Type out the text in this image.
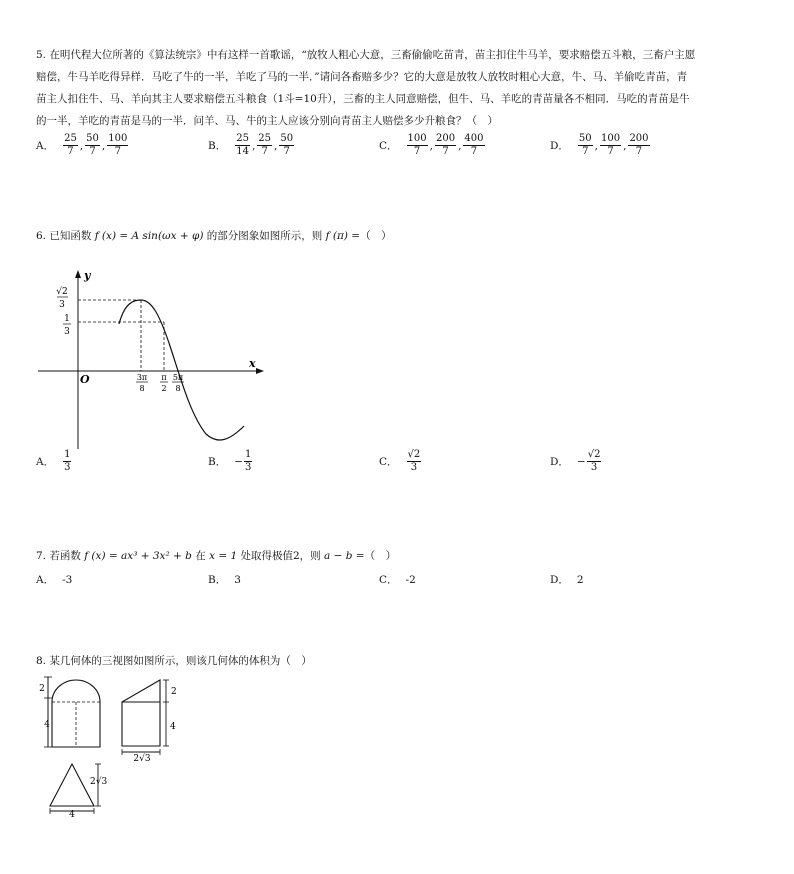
5. 在明代程大位所著的《算法统宗》中有这样一首歌谣，“放牧人粗心大意，三畜偷偷吃苗青，苗主扣住牛马羊，要求赔偿五斗粮，三畜户主愿
赔偿，牛马羊吃得异样．马吃了牛的一半，羊吃了马的一半．”请问各畜赔多少？它的大意是放牧人放牧时粗心大意，牛、马、羊偷吃青苗，青
苗主人扣住牛、马、羊向其主人要求赔偿五斗粮食（1斗=10升），三畜的主人同意赔偿，但牛、马、羊吃的青苗量各不相同．马吃的青苗是牛
的一半，羊吃的青苗是马的一半．问羊、马、牛的主人应该分别向青苗主人赔偿多少升粮食？（　）
A． $\frac{25}{7}$ , $\frac{50}{7}$ , $\frac{100}{7}$	B． $\frac{25}{14}$ , $\frac{25}{7}$ , $\frac{50}{7}$	C． $\frac{100}{7}$ , $\frac{200}{7}$ , $\frac{400}{7}$	D． $\frac{50}{7}$ , $\frac{100}{7}$ , $\frac{200}{7}$
6. 已知函数 f (x) = A sin(ωx + φ) 的部分图象如图所示，则 f (π) =（　）
y
x
O
√2
3
1
3
3π
8
π
2
5π
8
A． $\frac{1}{3}$	B． − $\frac{1}{3}$	C． $\frac{√2}{3}$	D． − $\frac{√2}{3}$
7. 若函数 f (x) = ax³ + 3x² + b 在 x = 1 处取得极值2，则 a − b =（　）
A． -3	B． 3	C． -2	D． 2
8. 某几何体的三视图如图所示，则该几何体的体积为（　）
2
4
2
4
2√3
2√3
4
